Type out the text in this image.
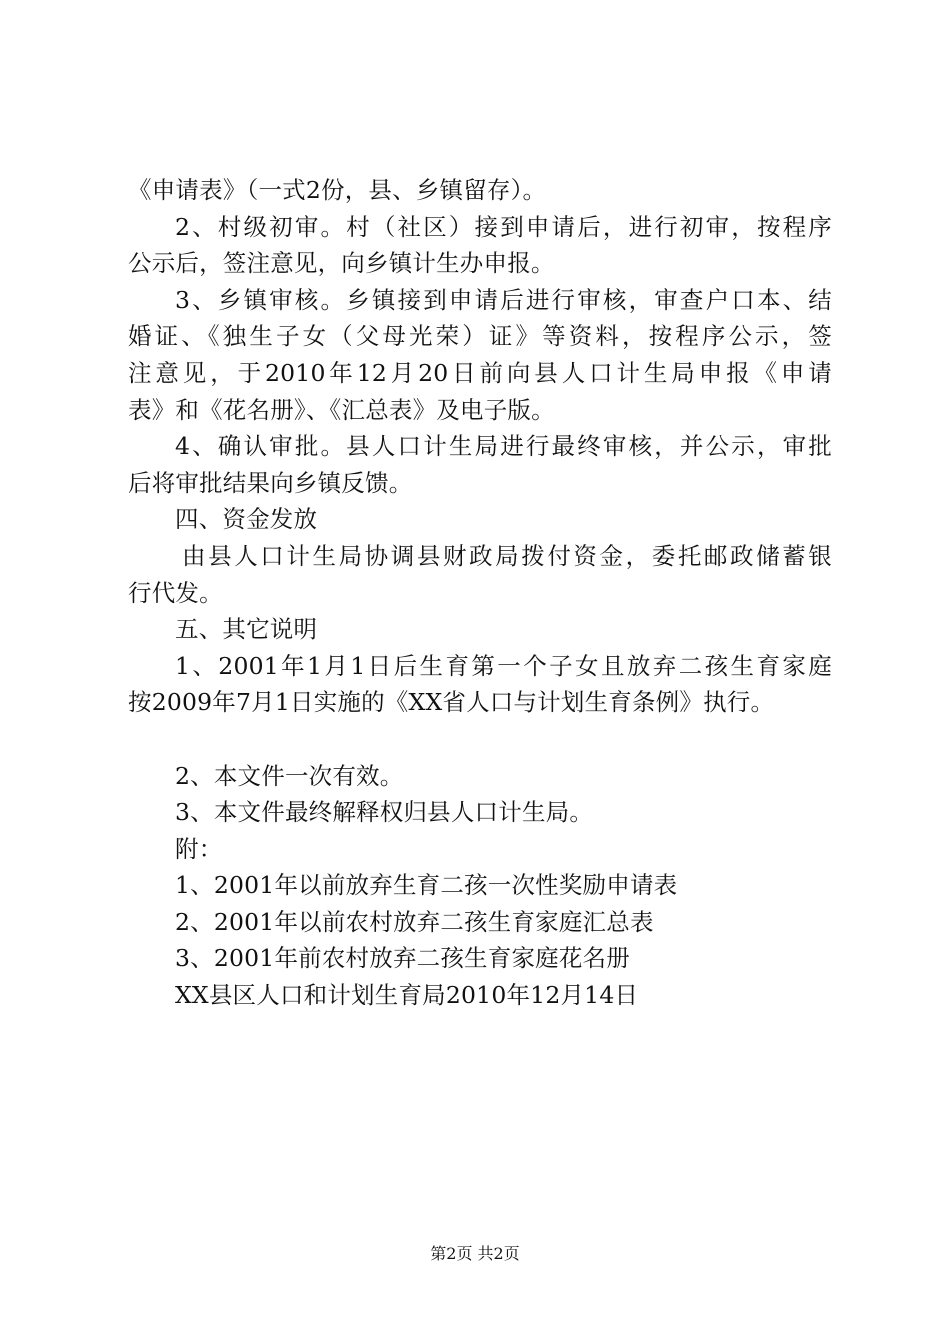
《申请表》（一式2份，县、乡镇留存）。
2、村级初审。村（社区）接到申请后，进行初审，按程序
公示后，签注意见，向乡镇计生办申报。
3、乡镇审核。乡镇接到申请后进行审核，审查户口本、结
婚证、《独生子女（父母光荣）证》等资料，按程序公示，签
注意见，于2010年12月20日前向县人口计生局申报《申请
表》和《花名册》、《汇总表》及电子版。
4、确认审批。县人口计生局进行最终审核，并公示，审批
后将审批结果向乡镇反馈。
四、资金发放
由县人口计生局协调县财政局拨付资金，委托邮政储蓄银
行代发。
五、其它说明
1、2001年1月1日后生育第一个子女且放弃二孩生育家庭
按2009年7月1日实施的《XX省人口与计划生育条例》执行。
2、本文件一次有效。
3、本文件最终解释权归县人口计生局。
附：
1、2001年以前放弃生育二孩一次性奖励申请表
2、2001年以前农村放弃二孩生育家庭汇总表
3、2001年前农村放弃二孩生育家庭花名册
XX县区人口和计划生育局2010年12月14日
第2页 共2页
